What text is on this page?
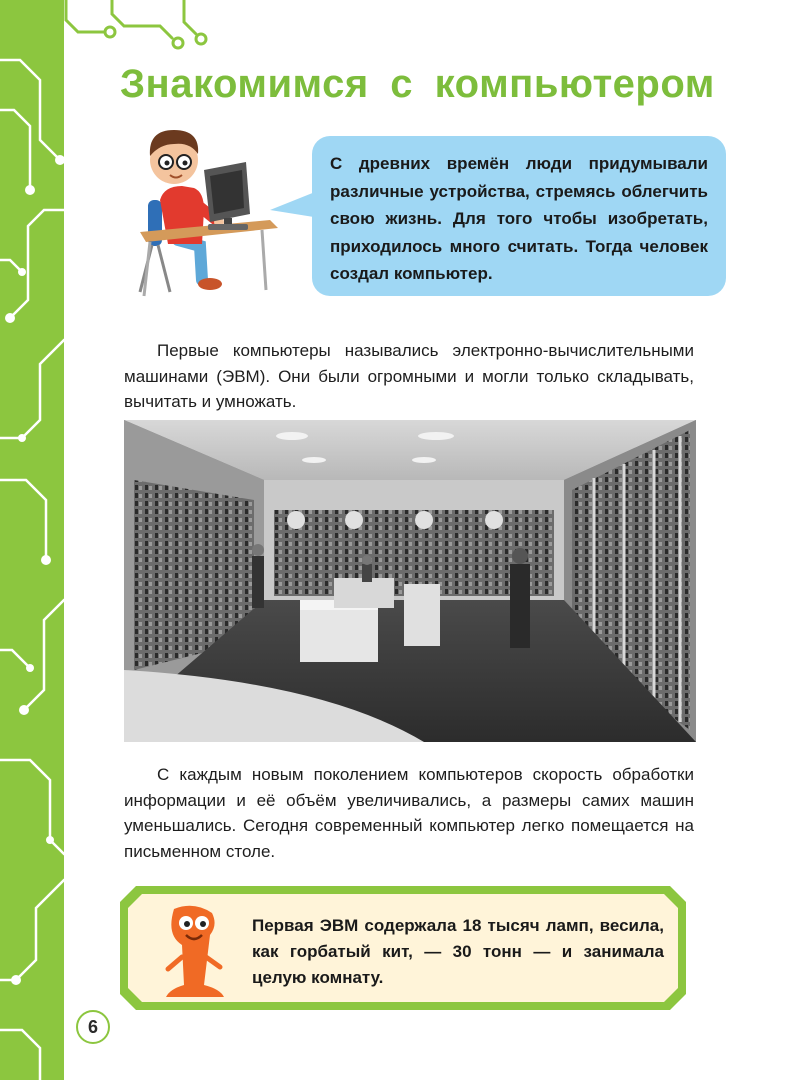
Знакомимся с компьютером

С древних времён люди придумывали различные устройства, стремясь облегчить свою жизнь. Для того чтобы изобретать, приходилось много считать. Тогда человек создал компьютер.

Первые компьютеры назывались электронно-вычислительными машинами (ЭВМ). Они были огромными и могли только складывать, вычитать и умножать.

С каждым новым поколением компьютеров скорость обработки информации и её объём увеличивались, а размеры самих машин уменьшались. Сегодня современный компьютер легко помещается на письменном столе.

Первая ЭВМ содержала 18 тысяч ламп, весила, как горбатый кит, — 30 тонн — и занимала целую комнату.

6
